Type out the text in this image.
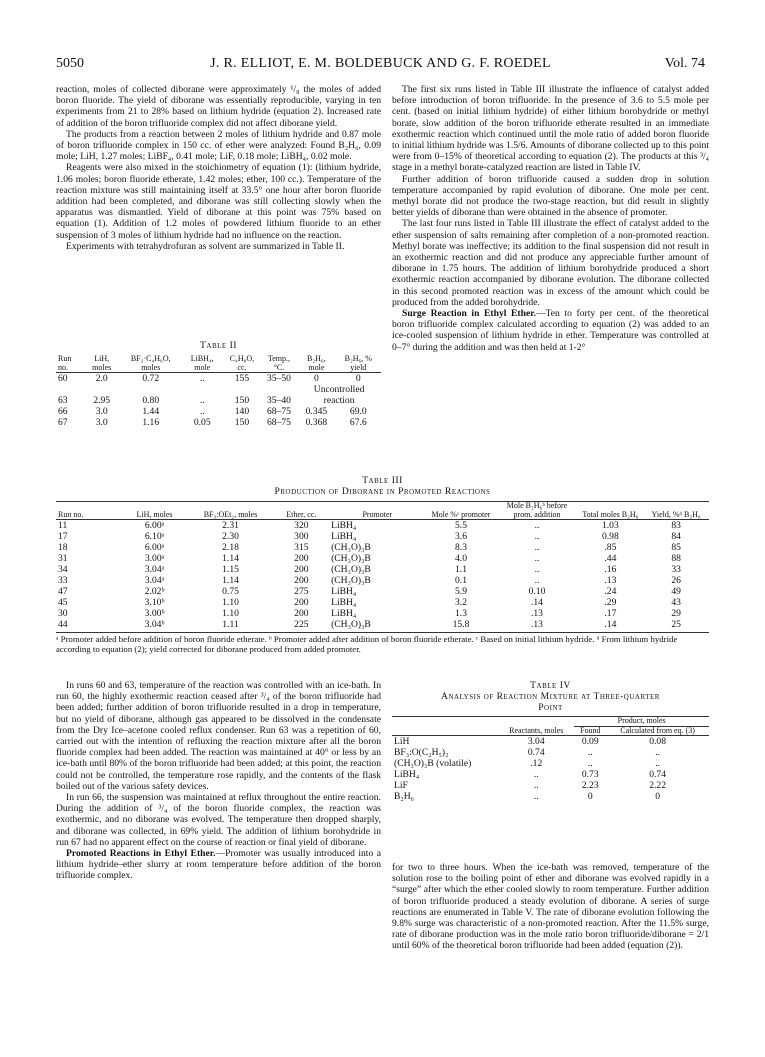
5050	J. R. ELLIOT, E. M. BOLDEBUCK AND G. F. ROEDEL	Vol. 74

reaction, moles of collected diborane were approximately ¹/₈ the moles of added boron fluoride. The yield of diborane was essentially reproducible, varying in ten experiments from 21 to 28% based on lithium hydride (equation 2). Increased rate of addition of the boron trifluoride complex did not affect diborane yield.

The products from a reaction between 2 moles of lithium hydride and 0.87 mole of boron trifluoride complex in 150 cc. of ether were analyzed: Found B₂H₆, 0.09 mole; LiH, 1.27 moles; LiBF₄, 0.41 mole; LiF, 0.18 mole; LiBH₄, 0.02 mole.

Reagents were also mixed in the stoichiometry of equation (1): (lithium hydride, 1.06 moles; boron fluoride etherate, 1.42 moles; ether, 100 cc.). Temperature of the reaction mixture was still maintaining itself at 33.5° one hour after boron fluoride addition had been completed, and diborane was still collecting slowly when the apparatus was dismantled. Yield of diborane at this point was 75% based on equation (1). Addition of 1.2 moles of powdered lithium fluoride to an ether suspension of 3 moles of lithium hydride had no influence on the reaction.

Experiments with tetrahydrofuran as solvent are summarized in Table II.

Table II
Run no.	LiH, moles	BF₃·C₄H₈O, moles	LiBH₄, mole	C₄H₈O, cc.	Temp., °C.	B₂H₆, mole	B₂H₆, % yield
60	2.0	0.72	..	155	35–50	0	0
63	2.95	0.80	..	150	35–40	Uncontrolled reaction	
66	3.0	1.44	..	140	68–75	0.345	69.0
67	3.0	1.16	0.05	150	68–75	0.368	67.6

The first six runs listed in Table III illustrate the influence of catalyst added before introduction of boron trifluoride. In the presence of 3.6 to 5.5 mole per cent. (based on initial lithium hydride) of either lithium borohydride or methyl borate, slow addition of the boron trifluoride etherate resulted in an immediate exothermic reaction which continued until the mole ratio of added boron fluoride to initial lithium hydride was 1.5/6. Amounts of diborane collected up to this point were from 0–15% of theoretical according to equation (2). The products at this ³/₄ stage in a methyl borate-catalyzed reaction are listed in Table IV.

Further addition of boron trifluoride caused a sudden drop in solution temperature accompanied by rapid evolution of diborane. One mole per cent. methyl borate did not produce the two-stage reaction, but did result in slightly better yields of diborane than were obtained in the absence of promoter.

The last four runs listed in Table III illustrate the effect of catalyst added to the ether suspension of salts remaining after completion of a non-promoted reaction. Methyl borate was ineffective; its addition to the final suspension did not result in an exothermic reaction and did not produce any appreciable further amount of diborane in 1.75 hours. The addition of lithium borohydride produced a short exothermic reaction accompanied by diborane evolution. The diborane collected in this second promoted reaction was in excess of the amount which could be produced from the added borohydride.

Surge Reaction in Ethyl Ether.—Ten to forty per cent. of the theoretical boron trifluoride complex calculated according to equation (2) was added to an ice-cooled suspension of lithium hydride in ether. Temperature was controlled at 0–7° during the addition and was then held at 1-2°

Table III
Production of Diborane in Promoted Reactions
Run no.	LiH, moles	BF₃:OEt₂, moles	Ether, cc.	Promoter	Mole %ᶜ promoter	Mole B₂H₆ᵇ before prom. addition	Total moles B₂H₆	Yield, %ᵈ B₂H₆
11	6.00ᵃ	2.31	320	LiBH₄	5.5	..	1.03	83
17	6.10ᵃ	2.30	300	LiBH₄	3.6	..	0.98	84
18	6.00ᵃ	2.18	315	(CH₃O)₃B	8.3	..	.85	85
31	3.00ᵃ	1.14	200	(CH₃O)₃B	4.0	..	.44	88
34	3.04ᵃ	1.15	200	(CH₃O)₃B	1.1	..	.16	33
33	3.04ᵃ	1.14	200	(CH₃O)₃B	0.1	..	.13	26
47	2.02ᵇ	0.75	275	LiBH₄	5.9	0.10	.24	49
45	3.10ᵇ	1.10	200	LiBH₄	3.2	.14	.29	43
30	3.00ᵇ	1.10	200	LiBH₄	1.3	.13	.17	29
44	3.04ᵇ	1.11	225	(CH₃O)₃B	15.8	.13	.14	25
ᵃ Promoter added before addition of boron fluoride etherate. ᵇ Promoter added after addition of boron fluoride etherate. ᶜ Based on initial lithium hydride. ᵈ From lithium hydride according to equation (2); yield corrected for diborane produced from added promoter.

In runs 60 and 63, temperature of the reaction was controlled with an ice-bath. In run 60, the highly exothermic reaction ceased after ³/₄ of the boron trifluoride had been added; further addition of boron trifluoride resulted in a drop in temperature, but no yield of diborane, although gas appeared to be dissolved in the condensate from the Dry Ice–acetone cooled reflux condenser. Run 63 was a repetition of 60, carried out with the intention of refluxing the reaction mixture after all the boron fluoride complex had been added. The reaction was maintained at 40° or less by an ice-bath until 80% of the boron trifluoride had been added; at this point, the reaction could not be controlled, the temperature rose rapidly, and the contents of the flask boiled out of the various safety devices.

In run 66, the suspension was maintained at reflux throughout the entire reaction. During the addition of ³/₄ of the boron fluoride complex, the reaction was exothermic, and no diborane was evolved. The temperature then dropped sharply, and diborane was collected, in 69% yield. The addition of lithium borohydride in run 67 had no apparent effect on the course of reaction or final yield of diborane.

Promoted Reactions in Ethyl Ether.—Promoter was usually introduced into a lithium hydride–ether slurry at room temperature before addition of the boron trifluoride complex.

Table IV
Analysis of Reaction Mixture at Three-quarter
Point
		Product, moles	
	Reactants, moles	Found	Calculated from eq. (3)
LiH	3.04	0.09	0.08
BF₃:O(C₂H₅)₂	0.74	..	..
(CH₃O)₃B (volatile)	.12	..	..
LiBH₄	..	0.73	0.74
LiF	..	2.23	2.22
B₂H₆	..	0	0

for two to three hours. When the ice-bath was removed, temperature of the solution rose to the boiling point of ether and diborane was evolved rapidly in a “surge” after which the ether cooled slowly to room temperature. Further addition of boron trifluoride produced a steady evolution of diborane. A series of surge reactions are enumerated in Table V. The rate of diborane evolution following the 9.8% surge was characteristic of a non-promoted reaction. After the 11.5% surge, rate of diborane production was in the mole ratio boron trifluoride/diborane = 2/1 until 60% of the theoretical boron trifluoride had been added (equation (2)).
